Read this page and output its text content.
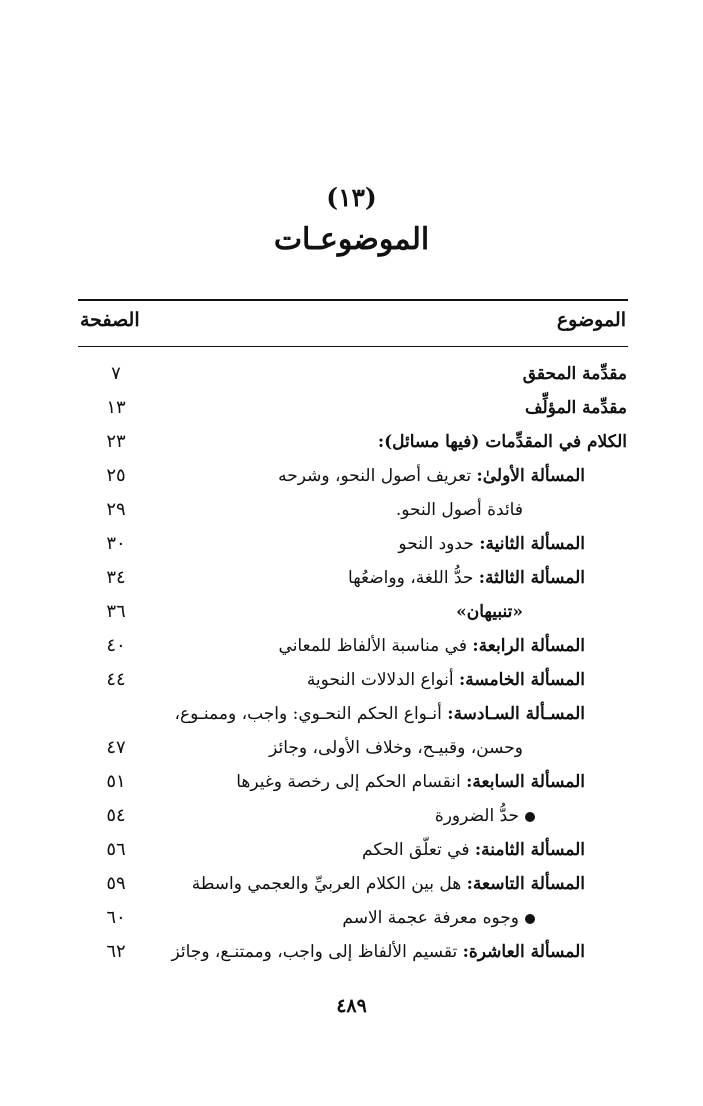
(١٣)
الموضوعـات
الموضوع
الصفحة
مقدِّمة المحقق
٧
مقدِّمة المؤلِّف
١٣
الكلام في المقدِّمات (فيها مسائل):
٢٣
المسألة الأولىٰ: تعريف أصول النحو، وشرحه
٢٥
فائدة أصول النحو.
٢٩
المسألة الثانية: حدود النحو
٣٠
المسألة الثالثة: حدُّ اللغة، وواضعُها
٣٤
«تنبيهان»
٣٦
المسألة الرابعة: في مناسبة الألفاظ للمعاني
٤٠
المسألة الخامسة: أنواع الدلالات النحوية
٤٤
المسـألة السـادسة: أنـواع الحكم النحـوي: واجب، وممنـوع،
وحسن، وقبيـح، وخلاف الأولى، وجائز
٤٧
المسألة السابعة: انقسام الحكم إلى رخصة وغيرها
٥١
حدُّ الضرورة
٥٤
المسألة الثامنة: في تعلّق الحكم
٥٦
المسألة التاسعة: هل بين الكلام العربيِّ والعجمي واسطة
٥٩
وجوه معرفة عجمة الاسم
٦٠
المسألة العاشرة: تقسيم الألفاظ إلى واجب، وممتنـع، وجائز
٦٢
٤٨٩
